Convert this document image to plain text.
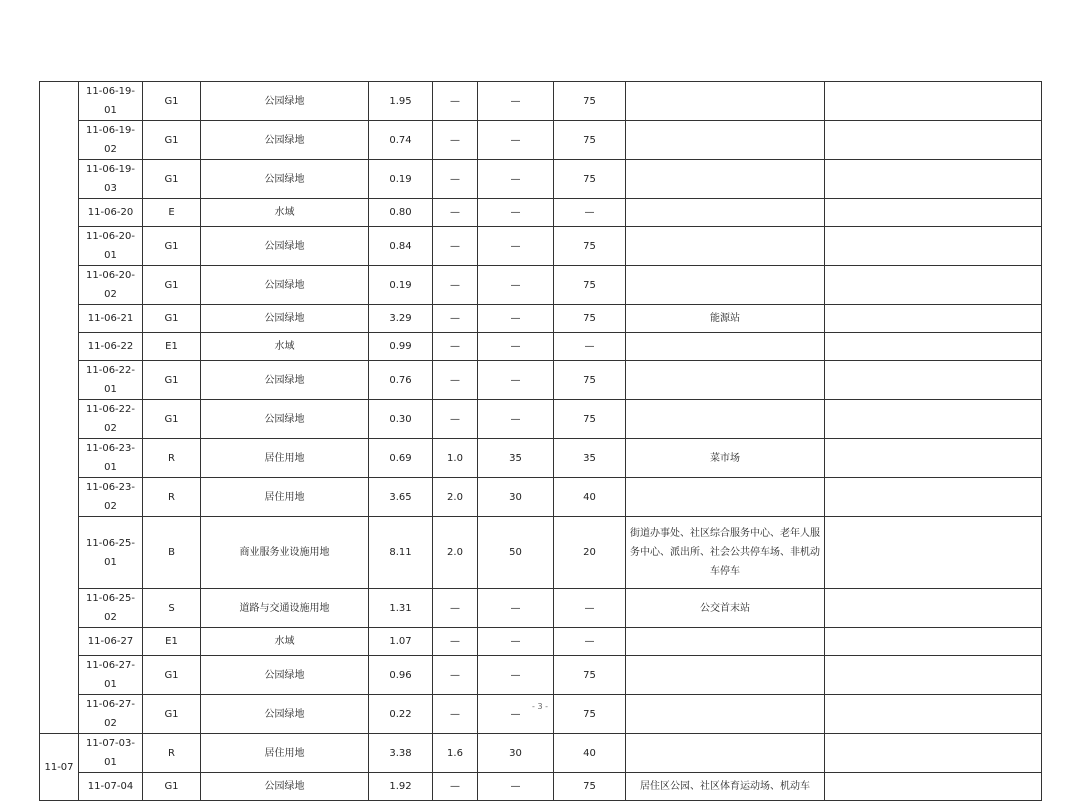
	11-06-19-01	G1	公园绿地	1.95	—	—	75		
	11-06-19-02	G1	公园绿地	0.74	—	—	75		
	11-06-19-03	G1	公园绿地	0.19	—	—	75		
	11-06-20	E	水域	0.80	—	—	—		
	11-06-20-01	G1	公园绿地	0.84	—	—	75		
	11-06-20-02	G1	公园绿地	0.19	—	—	75		
	11-06-21	G1	公园绿地	3.29	—	—	75	能源站	
	11-06-22	E1	水域	0.99	—	—	—		
	11-06-22-01	G1	公园绿地	0.76	—	—	75		
	11-06-22-02	G1	公园绿地	0.30	—	—	75		
	11-06-23-01	R	居住用地	0.69	1.0	35	35	菜市场	
	11-06-23-02	R	居住用地	3.65	2.0	30	40		
	11-06-25-01	B	商业服务业设施用地	8.11	2.0	50	20	街道办事处、社区综合服务中心、老年人服务中心、派出所、社会公共停车场、非机动车停车	
	11-06-25-02	S	道路与交通设施用地	1.31	—	—	—	公交首末站	
	11-06-27	E1	水域	1.07	—	—	—		
	11-06-27-01	G1	公园绿地	0.96	—	—	75		
	11-06-27-02	G1	公园绿地	0.22	—	—	75		
11-07	11-07-03-01	R	居住用地	3.38	1.6	30	40		
	11-07-04	G1	公园绿地	1.92	—	—	75	居住区公园、社区体育运动场、机动车	
- 3 -
